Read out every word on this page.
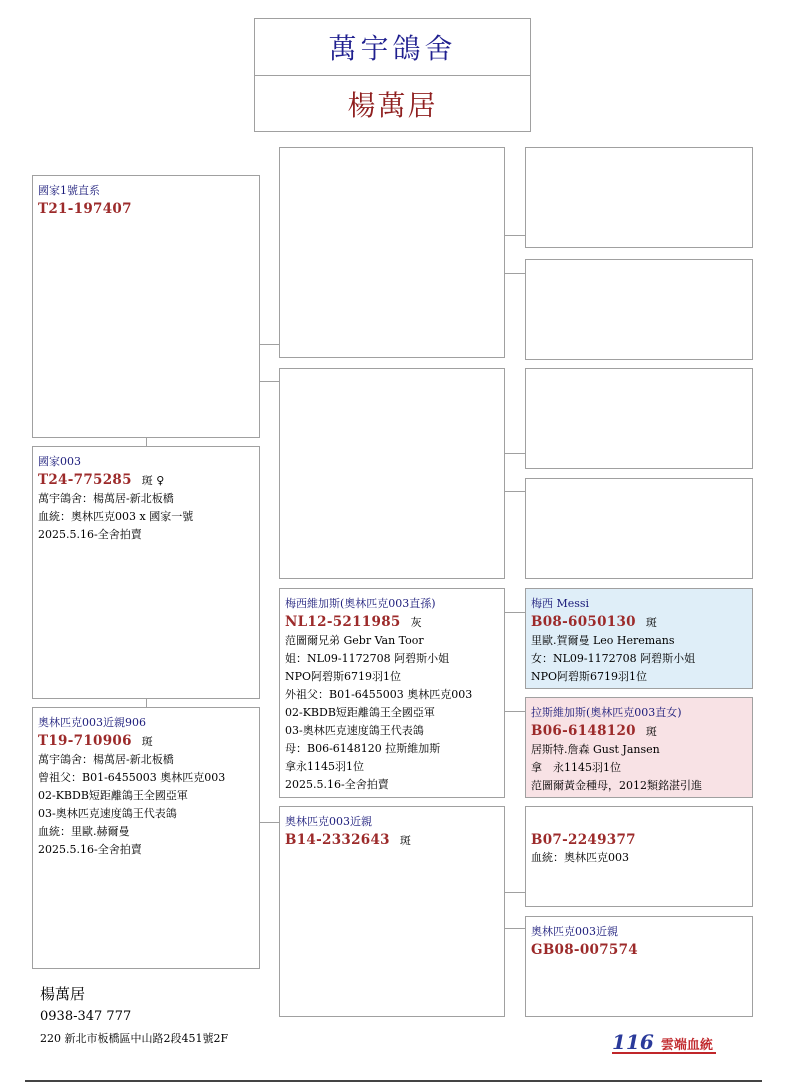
萬宇鴿舍
楊萬居
國家1號直系
T21-197407
國家003
T24-775285 斑 ♀
萬宇鴿舍：楊萬居-新北板橋
血統：奧林匹克003 x 國家一號
2025.5.16-全舍拍賣
奧林匹克003近親906
T19-710906 斑
萬宇鴿舍：楊萬居-新北板橋
曾祖父：B01-6455003 奧林匹克003
02-KBDB短距離鴿王全國亞軍
03-奧林匹克速度鴿王代表鴿
血統：里歐.赫爾曼
2025.5.16-全舍拍賣
梅西維加斯(奧林匹克003直孫)
NL12-5211985 灰
范圖爾兄弟 Gebr Van Toor
姐：NL09-1172708 阿碧斯小姐
NPO阿碧斯6719羽1位
外祖父：B01-6455003 奧林匹克003
02-KBDB短距離鴿王全國亞軍
03-奧林匹克速度鴿王代表鴿
母：B06-6148120 拉斯維加斯
拿永1145羽1位
2025.5.16-全舍拍賣
奧林匹克003近親
B14-2332643 斑
梅西 Messi
B08-6050130 斑
里歐.賀爾曼 Leo Heremans
女：NL09-1172708 阿碧斯小姐
NPO阿碧斯6719羽1位
拉斯維加斯(奧林匹克003直女)
B06-6148120 斑
居斯特.詹森 Gust Jansen
拿　永1145羽1位
范圖爾黃金種母，2012類銘湛引進
B07-2249377
血統：奧林匹克003
奧林匹克003近親
GB08-007574
楊萬居
0938-347 777
220 新北市板橋區中山路2段451號2F	116 雲端血統
